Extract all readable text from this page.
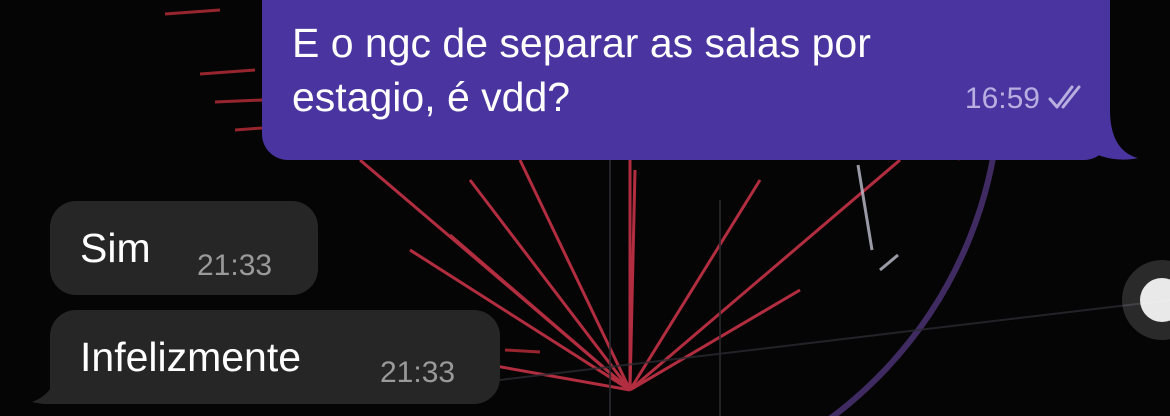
E o ngc de separar as salas por
estagio, é vdd?	16:59
Sim 21:33
Infelizmente	21:33
